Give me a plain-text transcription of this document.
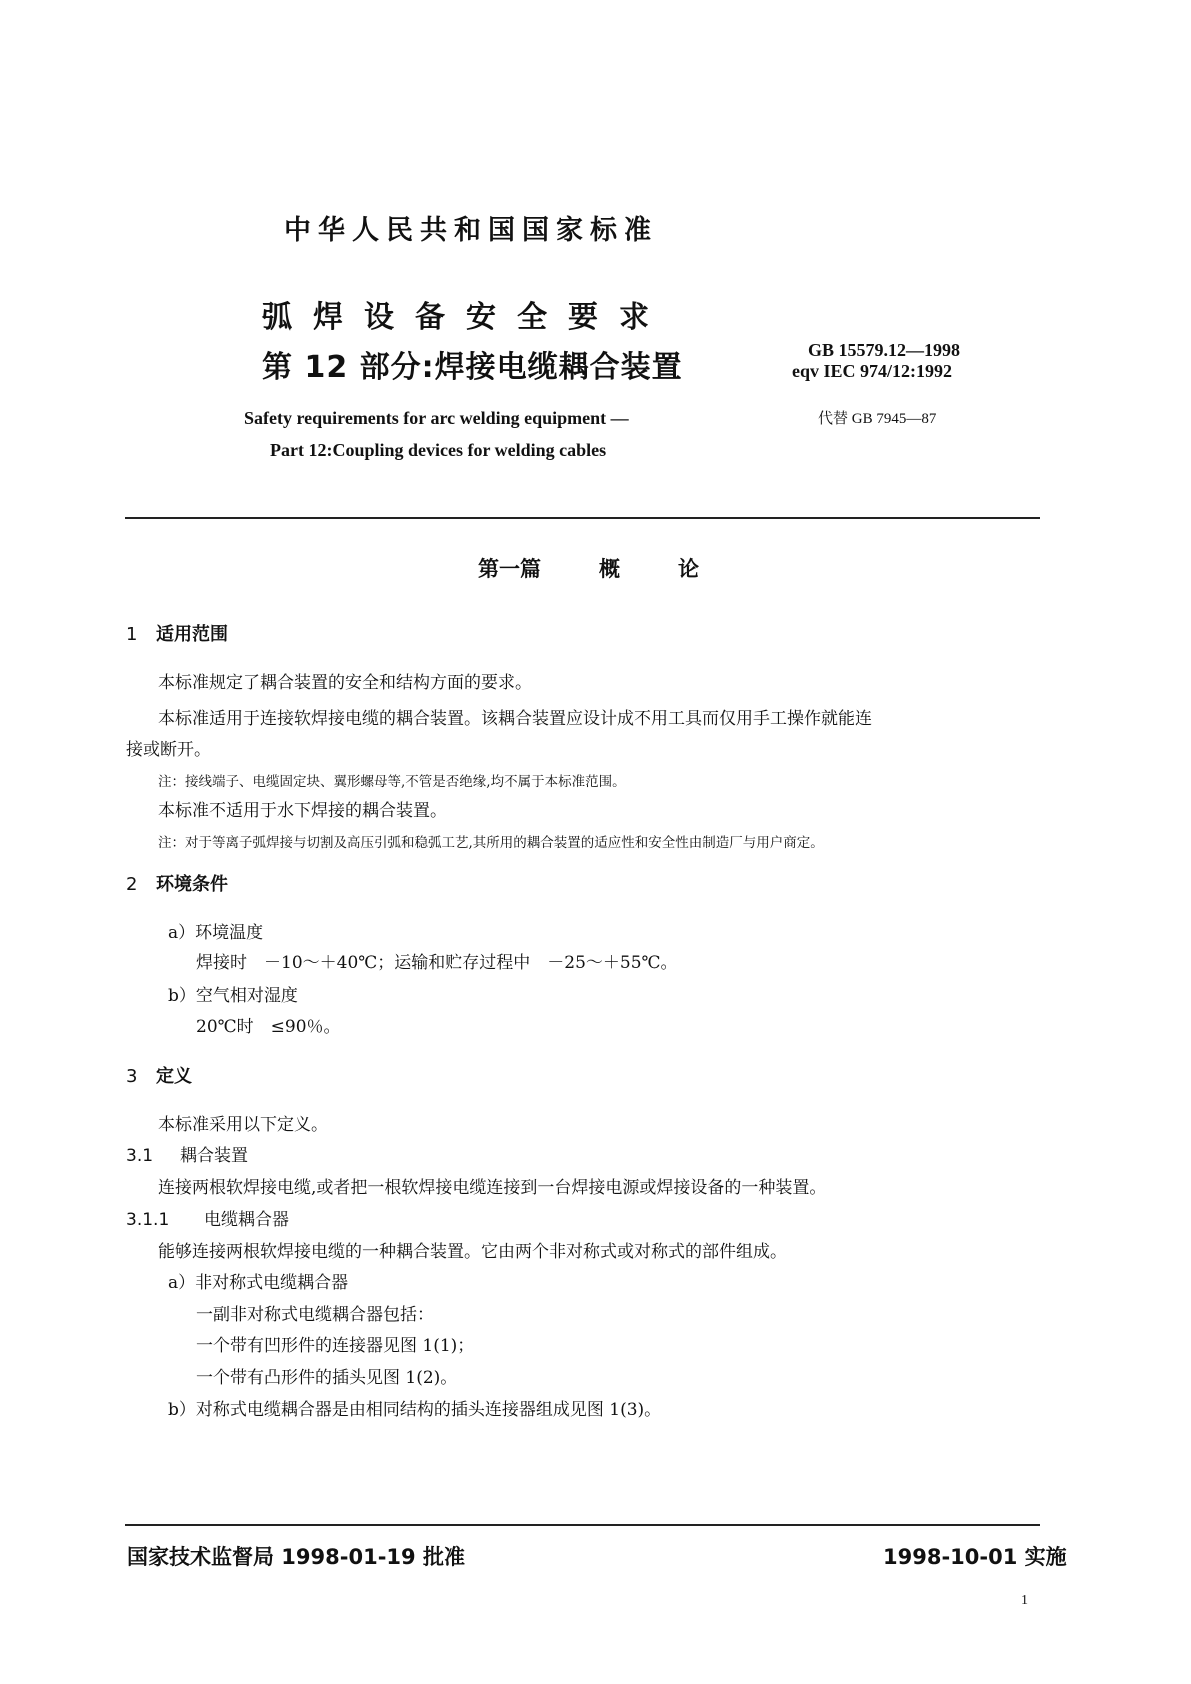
中华人民共和国国家标准
弧焊设备安全要求
第 12 部分:焊接电缆耦合装置
Safety requirements for arc welding equipment —
Part 12:Coupling devices for welding cables
GB 15579.12—1998
eqv IEC 974/12:1992
代替 GB 7945—87
第一篇	概	论
1 适用范围
本标准规定了耦合装置的安全和结构方面的要求。
本标准适用于连接软焊接电缆的耦合装置。该耦合装置应设计成不用工具而仅用手工操作就能连
接或断开。
注：接线端子、电缆固定块、翼形螺母等,不管是否绝缘,均不属于本标准范围。
本标准不适用于水下焊接的耦合装置。
注：对于等离子弧焊接与切割及高压引弧和稳弧工艺,其所用的耦合装置的适应性和安全性由制造厂与用户商定。
2 环境条件
a）环境温度
焊接时　－10～＋40℃；运输和贮存过程中　－25～＋55℃。
b）空气相对湿度
20℃时　≤90％。
3 定义
本标准采用以下定义。
3.1 耦合装置
连接两根软焊接电缆,或者把一根软焊接电缆连接到一台焊接电源或焊接设备的一种装置。
3.1.1 电缆耦合器
能够连接两根软焊接电缆的一种耦合装置。它由两个非对称式或对称式的部件组成。
a）非对称式电缆耦合器
一副非对称式电缆耦合器包括：
一个带有凹形件的连接器见图 1(1)；
一个带有凸形件的插头见图 1(2)。
b）对称式电缆耦合器是由相同结构的插头连接器组成见图 1(3)。
国家技术监督局 1998-01-19 批准	1998-10-01 实施
1
